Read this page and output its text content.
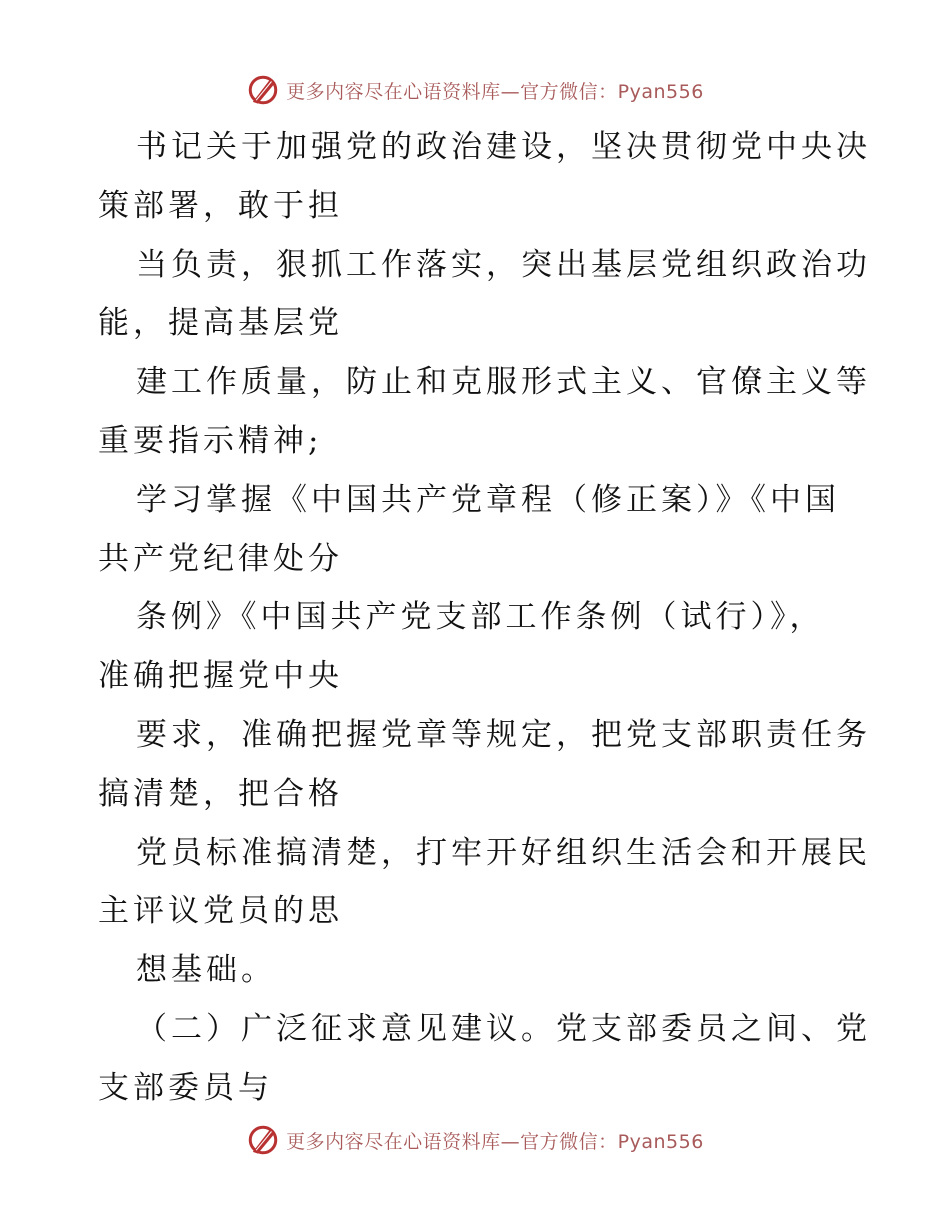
更多内容尽在心语资料库—官方微信：Pyan556
书记关于加强党的政治建设，坚决贯彻党中央决
策部署，敢于担
当负责，狠抓工作落实，突出基层党组织政治功
能，提高基层党
建工作质量，防止和克服形式主义、官僚主义等
重要指示精神;
学习掌握《中国共产党章程（修正案）》《中国
共产党纪律处分
条例》《中国共产党支部工作条例（试行）》，
准确把握党中央
要求，准确把握党章等规定，把党支部职责任务
搞清楚，把合格
党员标准搞清楚，打牢开好组织生活会和开展民
主评议党员的思
想基础。
（二）广泛征求意见建议。党支部委员之间、党
支部委员与
更多内容尽在心语资料库—官方微信：Pyan556
